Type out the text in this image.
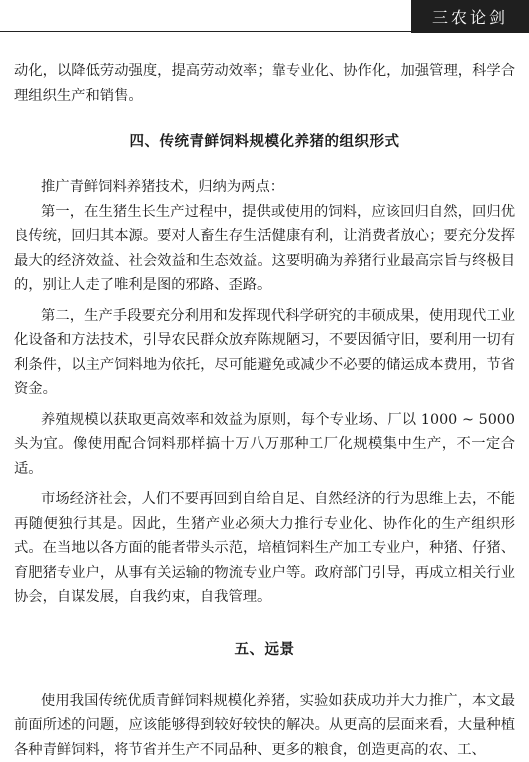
三农论剑

动化，以降低劳动强度，提高劳动效率；靠专业化、协作化，加强管理，科学合理组织生产和销售。

四、传统青鲜饲料规模化养猪的组织形式

推广青鲜饲料养猪技术，归纳为两点：

第一，在生猪生长生产过程中，提供或使用的饲料，应该回归自然，回归优良传统，回归其本源。要对人畜生存生活健康有利，让消费者放心；要充分发挥最大的经济效益、社会效益和生态效益。这要明确为养猪行业最高宗旨与终极目的，别让人走了唯利是图的邪路、歪路。

第二，生产手段要充分利用和发挥现代科学研究的丰硕成果，使用现代工业化设备和方法技术，引导农民群众放弃陈规陋习，不要因循守旧，要利用一切有利条件，以主产饲料地为依托，尽可能避免或减少不必要的储运成本费用，节省资金。

养殖规模以获取更高效率和效益为原则，每个专业场、厂以 1000 ~ 5000 头为宜。像使用配合饲料那样搞十万八万那种工厂化规模集中生产，不一定合适。

市场经济社会，人们不要再回到自给自足、自然经济的行为思维上去，不能再随便独行其是。因此，生猪产业必须大力推行专业化、协作化的生产组织形式。在当地以各方面的能者带头示范，培植饲料生产加工专业户，种猪、仔猪、育肥猪专业户，从事有关运输的物流专业户等。政府部门引导，再成立相关行业协会，自谋发展，自我约束，自我管理。

五、远景

使用我国传统优质青鲜饲料规模化养猪，实验如获成功并大力推广，本文最前面所述的问题，应该能够得到较好较快的解决。从更高的层面来看，大量种植各种青鲜饲料，将节省并生产不同品种、更多的粮食，创造更高的农、工、
